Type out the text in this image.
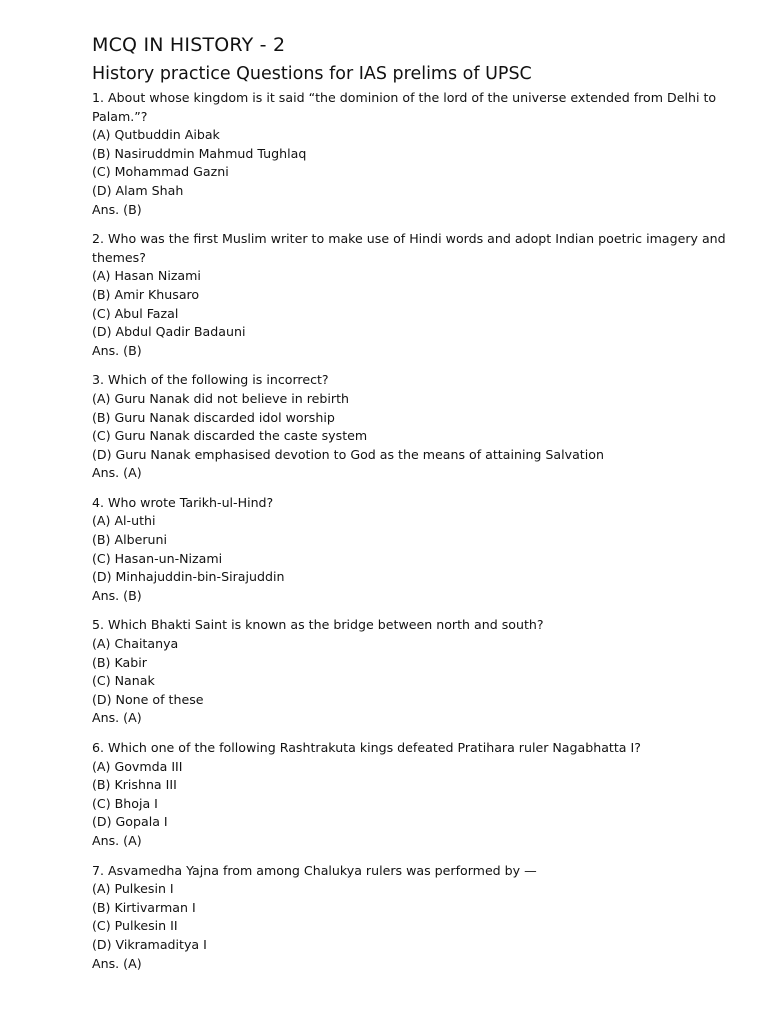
MCQ IN HISTORY - 2
History practice Questions for IAS prelims of UPSC
1. About whose kingdom is it said “the dominion of the lord of the universe extended from Delhi to Palam.”?
(A) Qutbuddin Aibak
(B) Nasiruddmin Mahmud Tughlaq
(C) Mohammad Gazni
(D) Alam Shah
Ans. (B)
2. Who was the first Muslim writer to make use of Hindi words and adopt Indian poetric imagery and themes?
(A) Hasan Nizami
(B) Amir Khusaro
(C) Abul Fazal
(D) Abdul Qadir Badauni
Ans. (B)
3. Which of the following is incorrect?
(A) Guru Nanak did not believe in rebirth
(B) Guru Nanak discarded idol worship
(C) Guru Nanak discarded the caste system
(D) Guru Nanak emphasised devotion to God as the means of attaining Salvation
Ans. (A)
4. Who wrote Tarikh-ul-Hind?
(A) Al-uthi
(B) Alberuni
(C) Hasan-un-Nizami
(D) Minhajuddin-bin-Sirajuddin
Ans. (B)
5. Which Bhakti Saint is known as the bridge between north and south?
(A) Chaitanya
(B) Kabir
(C) Nanak
(D) None of these
Ans. (A)
6. Which one of the following Rashtrakuta kings defeated Pratihara ruler Nagabhatta I?
(A) Govmda III
(B) Krishna III
(C) Bhoja I
(D) Gopala I
Ans. (A)
7. Asvamedha Yajna from among Chalukya rulers was performed by —
(A) Pulkesin I
(B) Kirtivarman I
(C) Pulkesin II
(D) Vikramaditya I
Ans. (A)
